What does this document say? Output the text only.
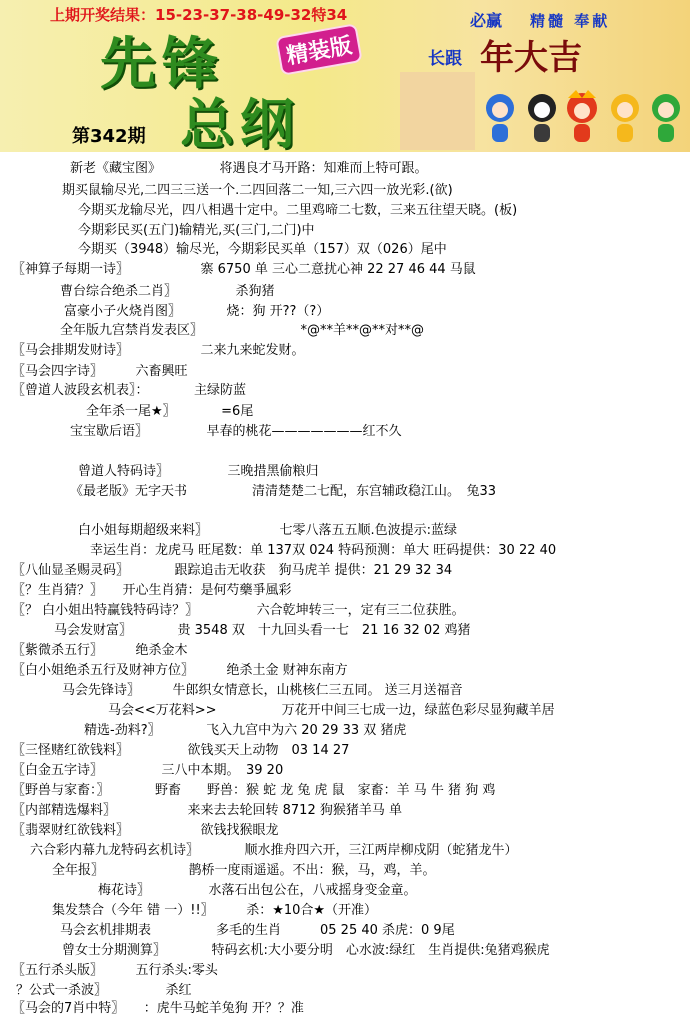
上期开奖结果：15-23-37-38-49-32特34
先锋
总纲
精装版
第342期
必赢 精髓 奉献
长跟 年大吉
新老《藏宝图》　　　　　将遇良才马开路：知难而上特可跟。
期买鼠输尽光,二四三三送一个.二四回落二一知,三六四一放光彩.(欲)
今期买龙输尽光，四八相遇十定中。二里鸡啼二七数，三来五往望天晓。(板)
今期彩民买(五门)输精光,买(三门,二门)中
今期买（3948）输尽光，今期彩民买单（157）双（026）尾中
〖神算子每期一诗〗　　　　　　寨 6750 单 三心二意扰心神 22 27 46 44 马鼠
曹台综合绝杀二肖〗　　　　　杀狗猪
富豪小子火烧肖图〗　　　　烧：狗 开??（?）
全年版九宫禁肖发表区〗　　　　　　　　*@**羊**@**对**@
〖马会排期发财诗〗　　　　　　二来九来蛇发财。
〖马会四字诗〗　　　六畜興旺
〖曾道人波段玄机表〗：　　　　主绿防蓝
全年杀一尾★〗　　　　=6尾
宝宝歇后语〗　　　　　早春的桃花———————红不久
曾道人特码诗〗　　　　　三晚措黑偷粮归
《最老版》无字天书　　　　　清清楚楚二七配，东宫辅政稳江山。　兔33
白小姐每期超级来料〗　　　　　　七零八落五五顺.色波提示:蓝绿
幸运生肖：龙虎马 旺尾数：单 137双 024 特码预测：单大 旺码提供：30 22 40
〖八仙显圣赐灵码〗　　　　跟踪追击无收获　狗马虎羊 提供：21 29 32 34
〖？生肖猜？〗　　开心生肖猜：是何芍藥爭風彩
〖？ 白小姐出特赢钱特码诗？〗　　　　　六合乾坤转三一，定有三二位获胜。
马会发财富〗　　　　贵 3548 双　十九回头看一七　21 16 32 02 鸡猪
〖紫微杀五行〗　　　绝杀金木
〖白小姐绝杀五行及财神方位〗　　　绝杀土金 财神东南方
马会先锋诗〗　　　牛郎织女情意长，山桃核仁三五同。 送三月送福音
马会<<万花料>>　　　　　万花开中间三七成一边，绿蓝色彩尽显狗藏羊居
精选-劲料?〗　　　　飞入九宫中为六 20 29 33 双 猪虎
〖三怪赌红欲钱料〗　　　　　欲钱买天上动物　03 14 27
〖白金五字诗〗　　　　　三八中本期。　39 20
〖野兽与家畜：〗　　　　野畜　　野兽：猴 蛇 龙 兔 虎 鼠　家畜：羊 马 牛 猪 狗 鸡
〖内部精选爆料〗　　　　　　来来去去轮回转 8712 狗猴猪羊马 单
〖翡翠财红欲钱料〗　　　　　　欲钱找猴眼龙
六合彩内幕九龙特码玄机诗〗　　　　顺水推舟四六开，三江两岸柳戍阴（蛇猪龙牛）
全年报〗　　　　　　　鹊桥一度雨遥遥。不出：猴，马，鸡，羊。
梅花诗〗　　　　　水落石出包公在，八戒摇身变金童。
集发禁合（今年 错 一）!!〗　　　杀：★10合★（开准）
马会玄机排期表　　　　　多毛的生肖　　　05 25 40 杀虎：0 9尾
曾女士分期测算〗　　　　特码玄机:大小要分明　心水波:绿红　生肖提供:兔猪鸡猴虎
〖五行杀头版〗　　　五行杀头:零头
？公式一杀波〗　　　　　杀红
〖马会的7肖中特〗　　：虎牛马蛇羊兔狗 开？？准
